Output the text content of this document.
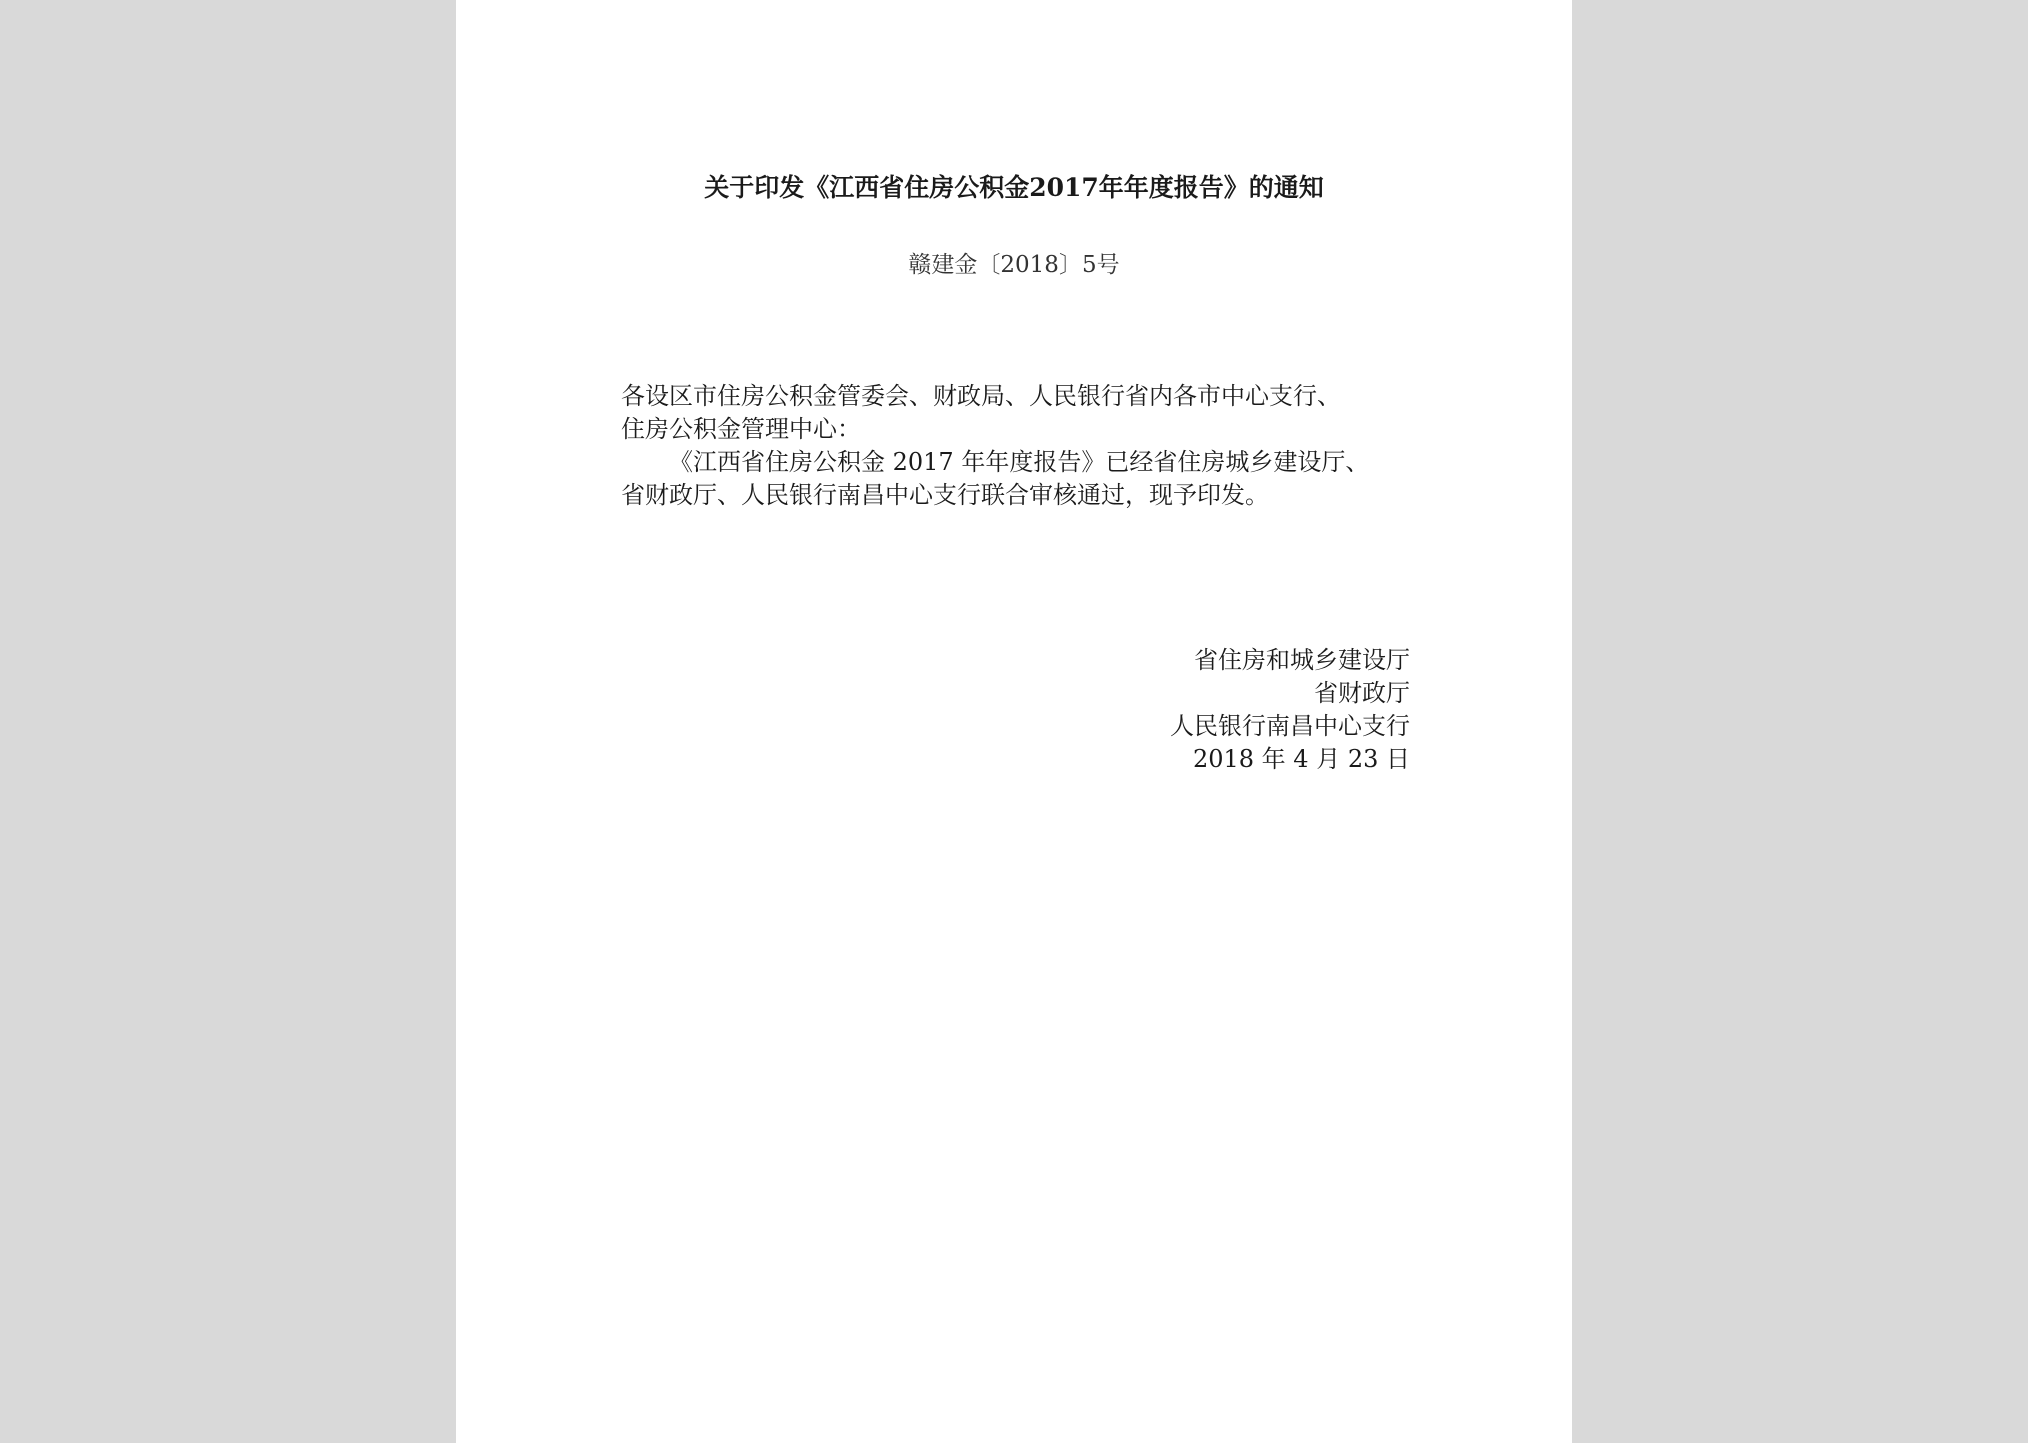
关于印发《江西省住房公积金2017年年度报告》的通知
赣建金〔2018〕5号

各设区市住房公积金管委会、财政局、人民银行省内各市中心支行、

住房公积金管理中心：

《江西省住房公积金 2017 年年度报告》已经省住房城乡建设厅、

省财政厅、人民银行南昌中心支行联合审核通过，现予印发。

省住房和城乡建设厅

省财政厅

人民银行南昌中心支行

2018 年 4 月 23 日
